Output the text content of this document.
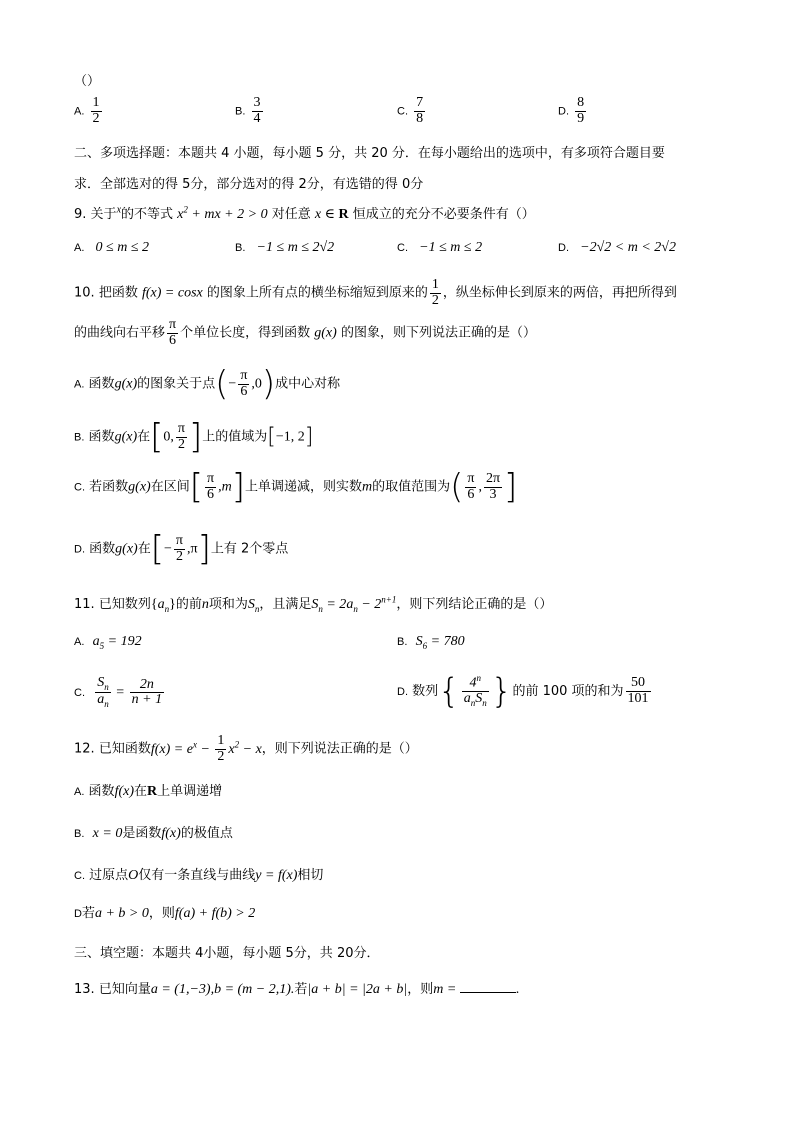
（）
A. $\frac{1}{2}$	B. $\frac{3}{4}$	C. $\frac{7}{8}$	D. $\frac{8}{9}$
二、多项选择题：本题共 4 小题，每小题 5 分，共 20 分．在每小题给出的选项中，有多项符合题目要
求．全部选对的得 5分，部分选对的得 2分，有选错的得 0分
9. 关于$^x$的不等式 $x^2$ + mx + 2 > 0 对任意 x ∈ R 恒成立的充分不必要条件有（）
A. 0 ≤ m ≤ 2	B. −1 ≤ m ≤ 2√2	C. −1 ≤ m ≤ 2	D. −2√2 < m < 2√2
10. 把函数 f(x) = cosx 的图象上所有点的横坐标缩短到原来的 $\frac{1}{2}$ ，纵坐标伸长到原来的两倍，再把所得到
的曲线向右平移 $\frac{\pi}{6}$ 个单位长度，得到函数 g(x) 的图象，则下列说法正确的是（）
A. 函数g(x)的图象关于点(− $\frac{\pi}{6} ,0$)成中心对称
B. 函数g(x)在[0, $\frac{\pi}{2}$ ]上的值域为[−1, 2]
C. 若函数g(x)在区间[ $\frac{\pi}{6} ,m$]上单调递减，则实数m的取值范围为( $\frac{\pi}{6}$ , $\frac{2\pi}{3}$ ]
D. 函数g(x)在[− $\frac{\pi}{2} ,\pi$]上有 2个零点
11. 已知数列$\{a_n\}$的前n项和为$S_n$，且满足$S_n = 2a_n - 2^{n+1}$，则下列结论正确的是（）
A. $a_5 = 192$	B. $S_6 = 780$
C. $\frac{S_n}{a_n} = \frac{2n}{n + 1}$	D. 数列{ $\frac{4^n}{a_nS_n}$ }的前 100 项的和为 $\frac{50}{101}$
12. 已知函数$f(x) = e^x - \frac{1}{2} x^2 - x$，则下列说法正确的是（）
A. 函数f(x)在R上单调递增
B. x = 0是函数f(x)的极值点
C. 过原点O仅有一条直线与曲线y = f(x)相切
D若a + b > 0，则f(a) + f(b) > 2
三、填空题：本题共 4小题，每小题 5分，共 20分．
13. 已知向量a = (1,−3),b = (m − 2,1).若|a + b| = |2a + b|，则m =	.
